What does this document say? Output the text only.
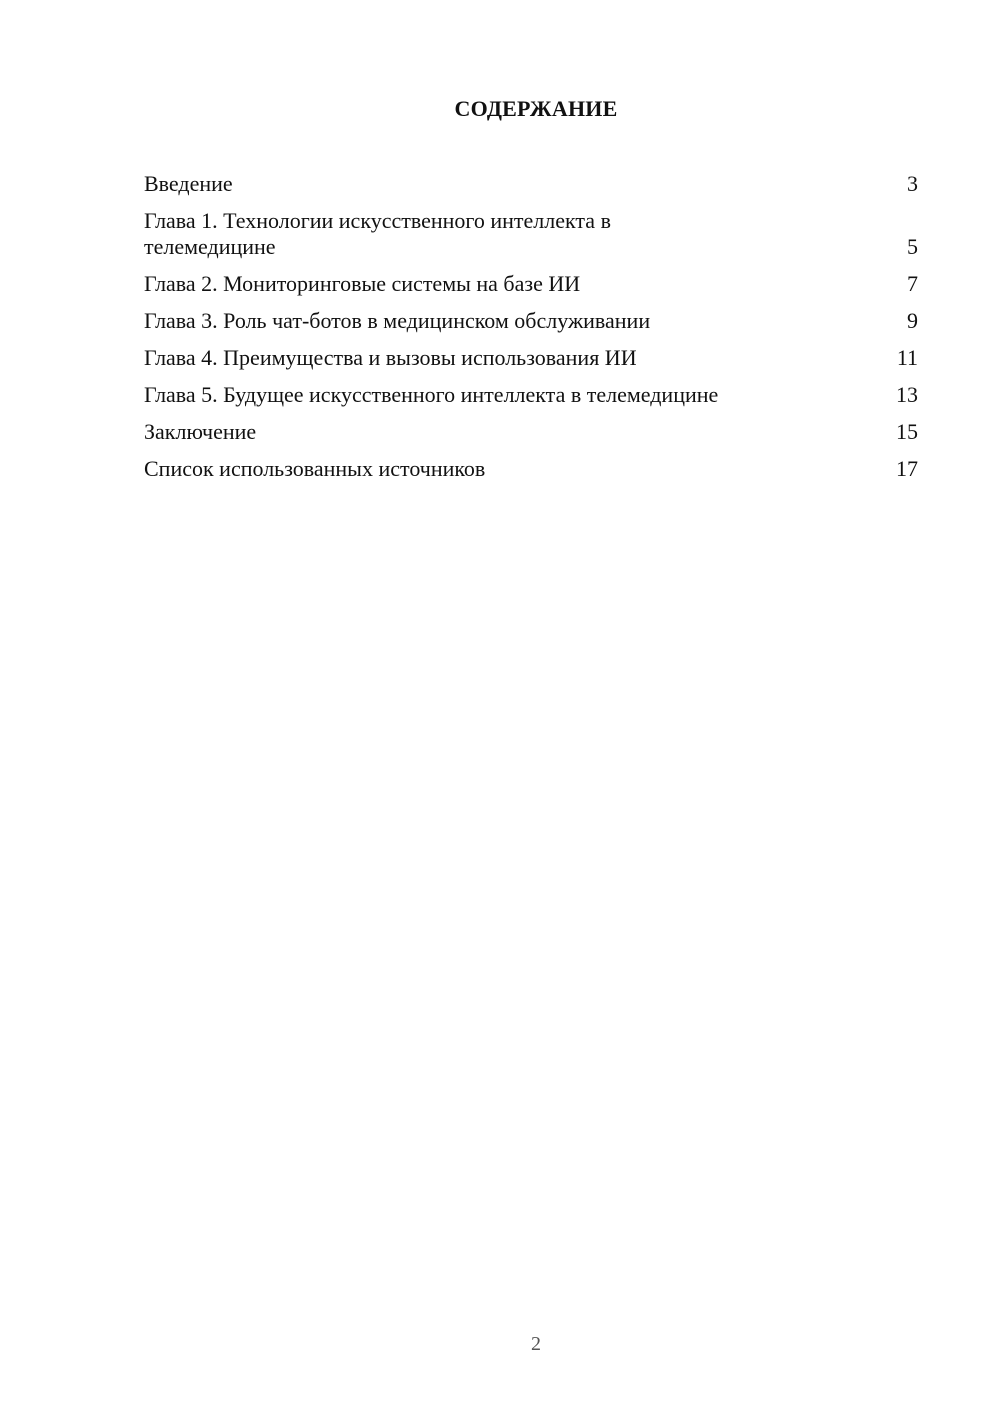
СОДЕРЖАНИЕ
Введение	3
Глава 1. Технологии искусственного интеллекта в телемедицине	5
Глава 2. Мониторинговые системы на базе ИИ	7
Глава 3. Роль чат-ботов в медицинском обслуживании	9
Глава 4. Преимущества и вызовы использования ИИ	11
Глава 5. Будущее искусственного интеллекта в телемедицине	13
Заключение	15
Список использованных источников	17
2
